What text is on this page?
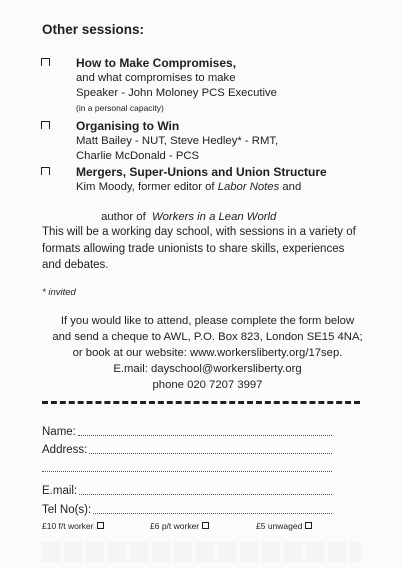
Other sessions:
How to Make Compromises,
and what compromises to make
Speaker - John Moloney PCS Executive
(in a personal capacity)
Organising to Win
Matt Bailey - NUT, Steve Hedley* - RMT,
Charlie McDonald - PCS
Mergers, Super-Unions and Union Structure
Kim Moody, former editor of Labor Notes and

author of  Workers in a Lean World

This will be a working day school, with sessions in a variety of formats allowing trade unionists to share skills, experiences and debates.
* invited
If you would like to attend, please complete the form below
and send a cheque to AWL, P.O. Box 823, London SE15 4NA;
or book at our website: www.workersliberty.org/17sep.
E.mail: dayschool@workersliberty.org
phone 020 7207 3997
Name:
Address:
E.mail:
Tel No(s):
£10 f/t worker	£6 p/t worker	£5 unwaged
